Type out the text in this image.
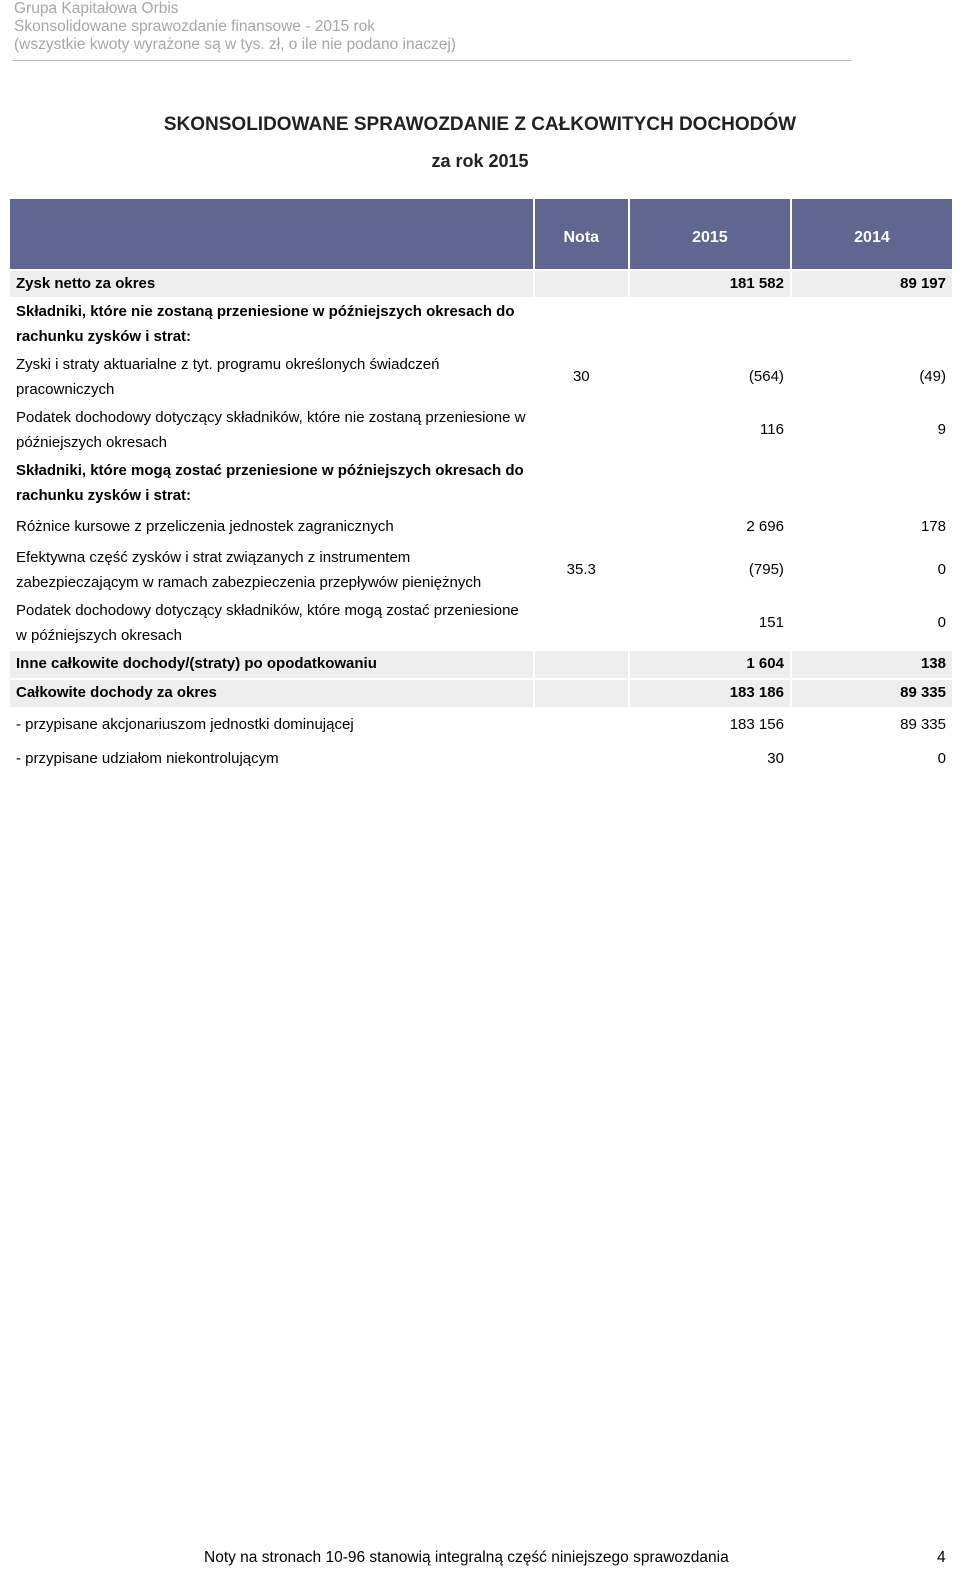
Grupa Kapitałowa Orbis
Skonsolidowane sprawozdanie finansowe - 2015 rok
(wszystkie kwoty wyrażone są w tys. zł, o ile nie podano inaczej)
SKONSOLIDOWANE SPRAWOZDANIE Z CAŁKOWITYCH DOCHODÓW
za rok 2015
	Nota	2015	2014
Zysk netto za okres		181 582	89 197
Składniki, które nie zostaną przeniesione w późniejszych okresach do rachunku zysków i strat:			
Zyski i straty aktuarialne z tyt. programu określonych świadczeń pracowniczych	30	(564)	(49)
Podatek dochodowy dotyczący składników, które nie zostaną przeniesione w późniejszych okresach		116	9
Składniki, które mogą zostać przeniesione w późniejszych okresach do rachunku zysków i strat:			
Różnice kursowe z przeliczenia jednostek zagranicznych		2 696	178
Efektywna część zysków i strat związanych z instrumentem zabezpieczającym w ramach zabezpieczenia przepływów pieniężnych	35.3	(795)	0
Podatek dochodowy dotyczący składników, które mogą zostać przeniesione w późniejszych okresach		151	0
Inne całkowite dochody/(straty) po opodatkowaniu		1 604	138
Całkowite dochody za okres		183 186	89 335
- przypisane akcjonariuszom jednostki dominującej		183 156	89 335
- przypisane udziałom niekontrolującym		30	0
Noty na stronach 10-96 stanowią integralną część niniejszego sprawozdania	4
